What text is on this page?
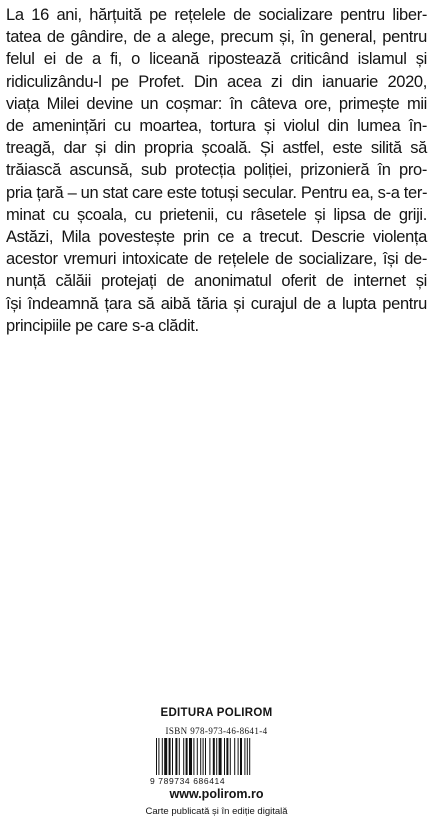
La 16 ani, hărțuită pe rețelele de socializare pentru liber-
tatea de gândire, de a alege, precum și, în general, pentru
felul ei de a fi, o liceană ripostează criticând islamul și
ridiculizându-l pe Profet. Din acea zi din ianuarie 2020,
viața Milei devine un coșmar: în câteva ore, primește mii
de amenințări cu moartea, tortura și violul din lumea în-
treagă, dar și din propria școală. Și astfel, este silită să
trăiască ascunsă, sub protecția poliției, prizonieră în pro-
pria țară – un stat care este totuși secular. Pentru ea, s-a ter-
minat cu școala, cu prietenii, cu râsetele și lipsa de griji.
Astăzi, Mila povestește prin ce a trecut. Descrie violența
acestor vremuri intoxicate de rețelele de socializare, își de-
nunță călăii protejați de anonimatul oferit de internet și
își îndeamnă țara să aibă tăria și curajul de a lupta pentru
principiile pe care s-a clădit.
EDITURA POLIROM
ISBN 978-973-46-8641-4
9 789734 686414
www.polirom.ro
Carte publicată și în ediție digitală
